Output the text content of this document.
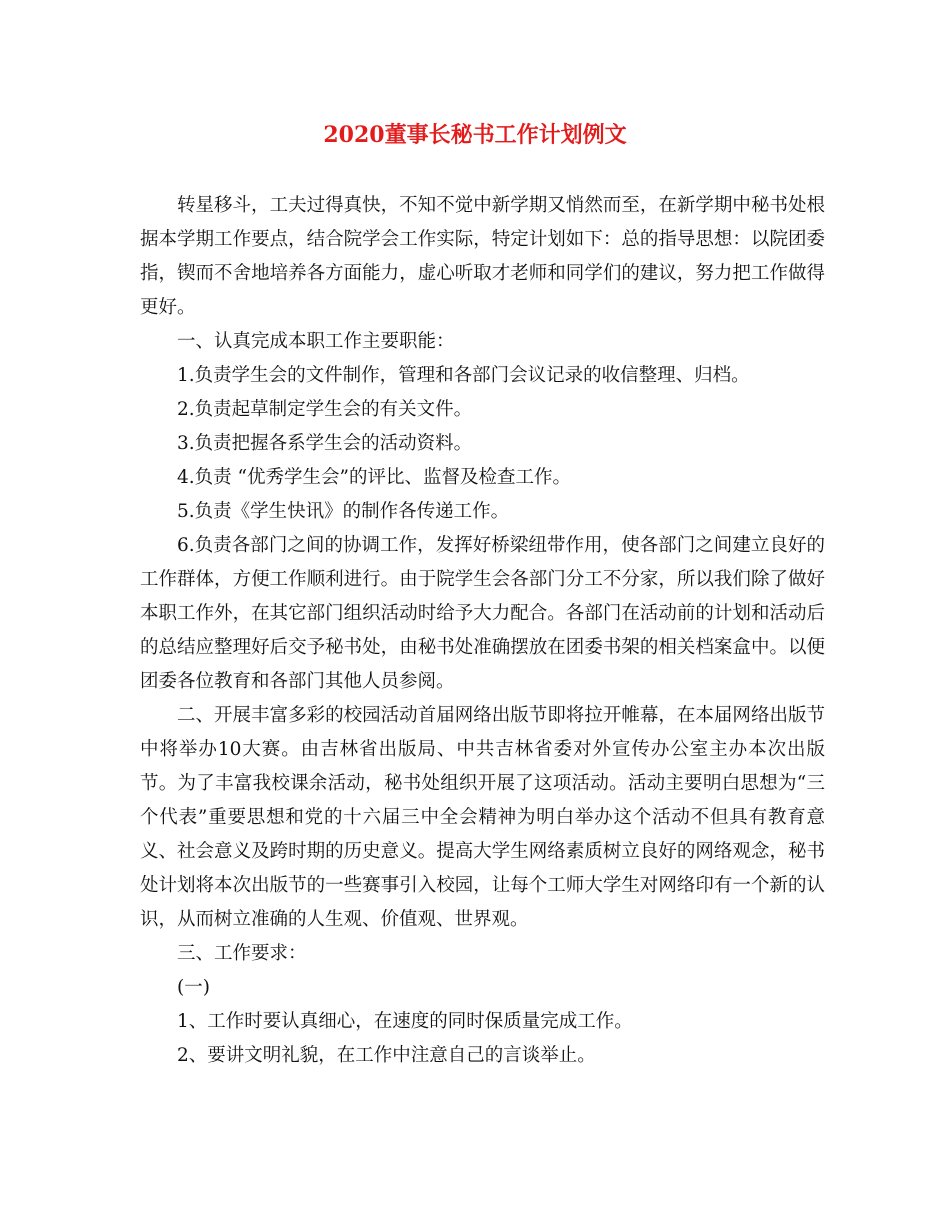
2020董事长秘书工作计划例文

转星移斗，工夫过得真快，不知不觉中新学期又悄然而至，在新学期中秘书处根据本学期工作要点，结合院学会工作实际，特定计划如下：总的指导思想：以院团委指，锲而不舍地培养各方面能力，虚心听取才老师和同学们的建议，努力把工作做得更好。

一、认真完成本职工作主要职能：

1.负责学生会的文件制作，管理和各部门会议记录的收信整理、归档。

2.负责起草制定学生会的有关文件。

3.负责把握各系学生会的活动资料。

4.负责 “优秀学生会”的评比、监督及检查工作。

5.负责《学生快讯》的制作各传递工作。

6.负责各部门之间的协调工作，发挥好桥梁纽带作用，使各部门之间建立良好的工作群体，方便工作顺利进行。由于院学生会各部门分工不分家，所以我们除了做好本职工作外，在其它部门组织活动时给予大力配合。各部门在活动前的计划和活动后的总结应整理好后交予秘书处，由秘书处准确摆放在团委书架的相关档案盒中。以便团委各位教育和各部门其他人员参阅。

二、开展丰富多彩的校园活动首届网络出版节即将拉开帷幕，在本届网络出版节中将举办10大赛。由吉林省出版局、中共吉林省委对外宣传办公室主办本次出版节。为了丰富我校课余活动，秘书处组织开展了这项活动。活动主要明白思想为“三个代表”重要思想和党的十六届三中全会精神为明白举办这个活动不但具有教育意义、社会意义及跨时期的历史意义。提高大学生网络素质树立良好的网络观念，秘书处计划将本次出版节的一些赛事引入校园，让每个工师大学生对网络印有一个新的认识，从而树立准确的人生观、价值观、世界观。

三、工作要求：

(一)

1、工作时要认真细心，在速度的同时保质量完成工作。

2、要讲文明礼貌，在工作中注意自己的言谈举止。
